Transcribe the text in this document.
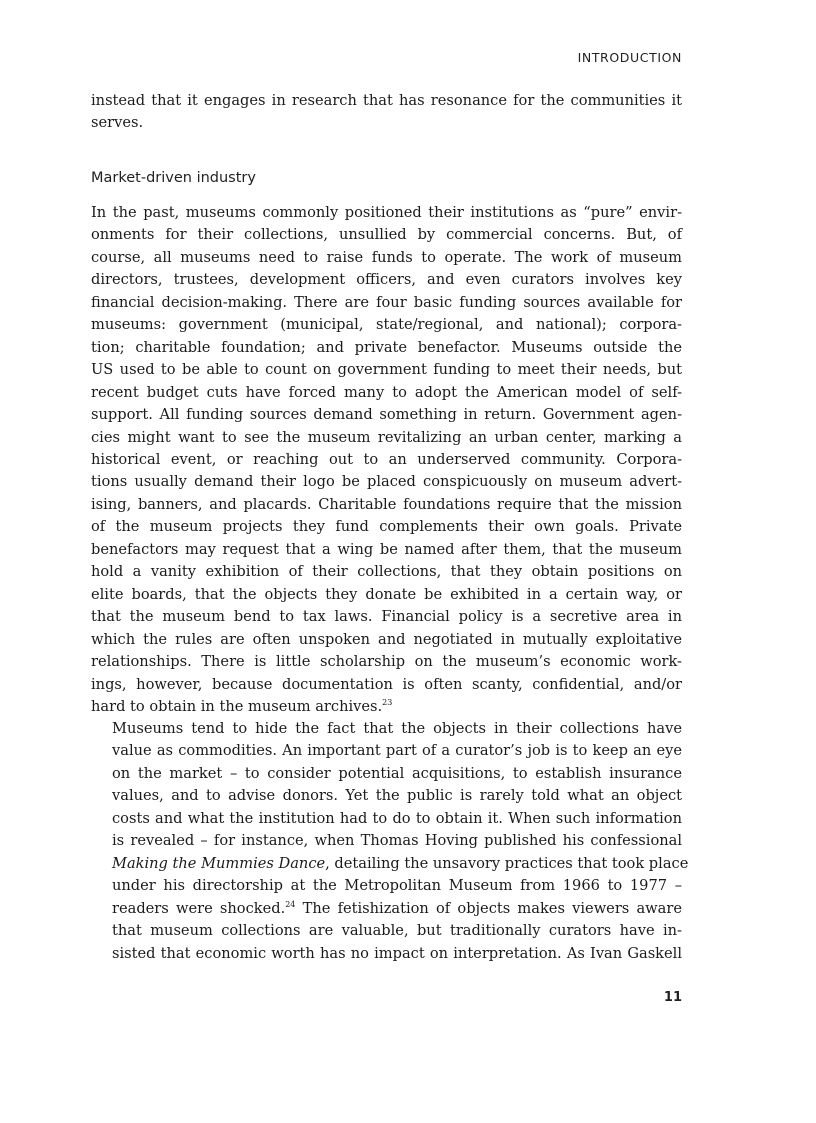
INTRODUCTION
instead that it engages in research that has resonance for the communities it
serves.
Market-driven industry
In the past, museums commonly positioned their institutions as “pure” envir-
onments for their collections, unsullied by commercial concerns. But, of
course, all museums need to raise funds to operate. The work of museum
directors, trustees, development officers, and even curators involves key
financial decision-making. There are four basic funding sources available for
museums: government (municipal, state/regional, and national); corpora-
tion; charitable foundation; and private benefactor. Museums outside the
US used to be able to count on government funding to meet their needs, but
recent budget cuts have forced many to adopt the American model of self-
support. All funding sources demand something in return. Government agen-
cies might want to see the museum revitalizing an urban center, marking a
historical event, or reaching out to an underserved community. Corpora-
tions usually demand their logo be placed conspicuously on museum advert-
ising, banners, and placards. Charitable foundations require that the mission
of the museum projects they fund complements their own goals. Private
benefactors may request that a wing be named after them, that the museum
hold a vanity exhibition of their collections, that they obtain positions on
elite boards, that the objects they donate be exhibited in a certain way, or
that the museum bend to tax laws. Financial policy is a secretive area in
which the rules are often unspoken and negotiated in mutually exploitative
relationships. There is little scholarship on the museum’s economic work-
ings, however, because documentation is often scanty, confidential, and/or
hard to obtain in the museum archives.$^{23}$
Museums tend to hide the fact that the objects in their collections have
value as commodities. An important part of a curator’s job is to keep an eye
on the market – to consider potential acquisitions, to establish insurance
values, and to advise donors. Yet the public is rarely told what an object
costs and what the institution had to do to obtain it. When such information
is revealed – for instance, when Thomas Hoving published his confessional
Making the Mummies Dance, detailing the unsavory practices that took place
under his directorship at the Metropolitan Museum from 1966 to 1977 –
readers were shocked.$^{24}$ The fetishization of objects makes viewers aware
that museum collections are valuable, but traditionally curators have in-
sisted that economic worth has no impact on interpretation. As Ivan Gaskell
11
